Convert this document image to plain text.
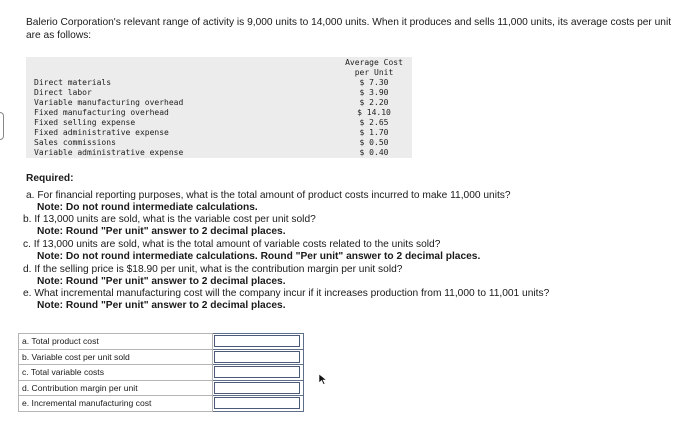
Balerio Corporation's relevant range of activity is 9,000 units to 14,000 units. When it produces and sells 11,000 units, its average costs per unit are as follows:
Average Cost
per Unit
Direct materials	$ 7.30
Direct labor	$ 3.90
Variable manufacturing overhead	$ 2.20
Fixed manufacturing overhead	$ 14.10
Fixed selling expense	$ 2.65
Fixed administrative expense	$ 1.70
Sales commissions	$ 0.50
Variable administrative expense	$ 0.40
Required:
a. For financial reporting purposes, what is the total amount of product costs incurred to make 11,000 units?
Note: Do not round intermediate calculations.
b. If 13,000 units are sold, what is the variable cost per unit sold?
Note: Round "Per unit" answer to 2 decimal places.
c. If 13,000 units are sold, what is the total amount of variable costs related to the units sold?
Note: Do not round intermediate calculations. Round "Per unit" answer to 2 decimal places.
d. If the selling price is $18.90 per unit, what is the contribution margin per unit sold?
Note: Round "Per unit" answer to 2 decimal places.
e. What incremental manufacturing cost will the company incur if it increases production from 11,000 to 11,001 units?
Note: Round "Per unit" answer to 2 decimal places.
a. Total product cost	
b. Variable cost per unit sold	
c. Total variable costs	
d. Contribution margin per unit	
e. Incremental manufacturing cost	
